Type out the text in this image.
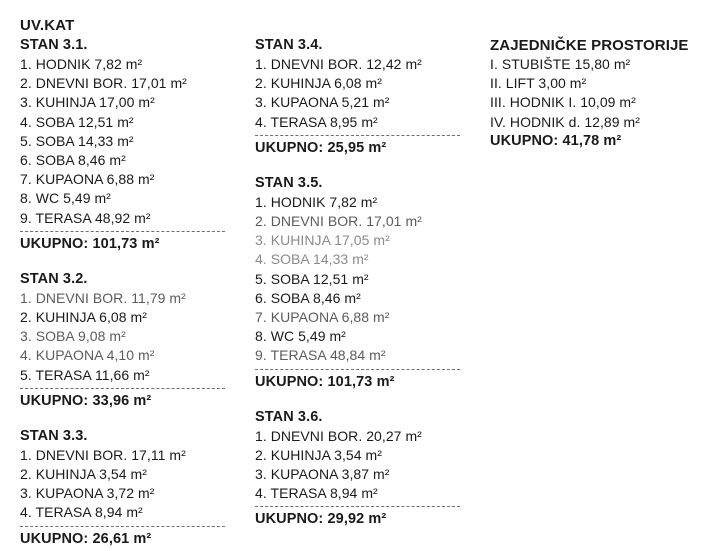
UV.KAT
STAN 3.1.
1. HODNIK 7,82 m²
2. DNEVNI BOR. 17,01 m²
3. KUHINJA 17,00 m²
4. SOBA 12,51 m²
5. SOBA 14,33 m²
6. SOBA 8,46 m²
7. KUPAONA 6,88 m²
8. WC 5,49 m²
9. TERASA 48,92 m²
UKUPNO: 101,73 m²
STAN 3.2.
1. DNEVNI BOR. 11,79 m²
2. KUHINJA 6,08 m²
3. SOBA 9,08 m²
4. KUPAONA 4,10 m²
5. TERASA 11,66 m²
UKUPNO: 33,96 m²
STAN 3.3.
1. DNEVNI BOR. 17,11 m²
2. KUHINJA 3,54 m²
3. KUPAONA 3,72 m²
4. TERASA 8,94 m²
UKUPNO: 26,61 m²
STAN 3.4.
1. DNEVNI BOR. 12,42 m²
2. KUHINJA 6,08 m²
3. KUPAONA 5,21 m²
4. TERASA 8,95 m²
UKUPNO: 25,95 m²
STAN 3.5.
1. HODNIK 7,82 m²
2. DNEVNI BOR. 17,01 m²
3. KUHINJA 17,05 m²
4. SOBA 14,33 m²
5. SOBA 12,51 m²
6. SOBA 8,46 m²
7. KUPAONA 6,88 m²
8. WC 5,49 m²
9. TERASA 48,84 m²
UKUPNO: 101,73 m²
STAN 3.6.
1. DNEVNI BOR. 20,27 m²
2. KUHINJA 3,54 m²
3. KUPAONA 3,87 m²
4. TERASA 8,94 m²
UKUPNO: 29,92 m²
ZAJEDNIČKE PROSTORIJE
I. STUBIŠTE 15,80 m²
II. LIFT 3,00 m²
III. HODNIK I. 10,09 m²
IV. HODNIK d. 12,89 m²
UKUPNO: 41,78 m²
